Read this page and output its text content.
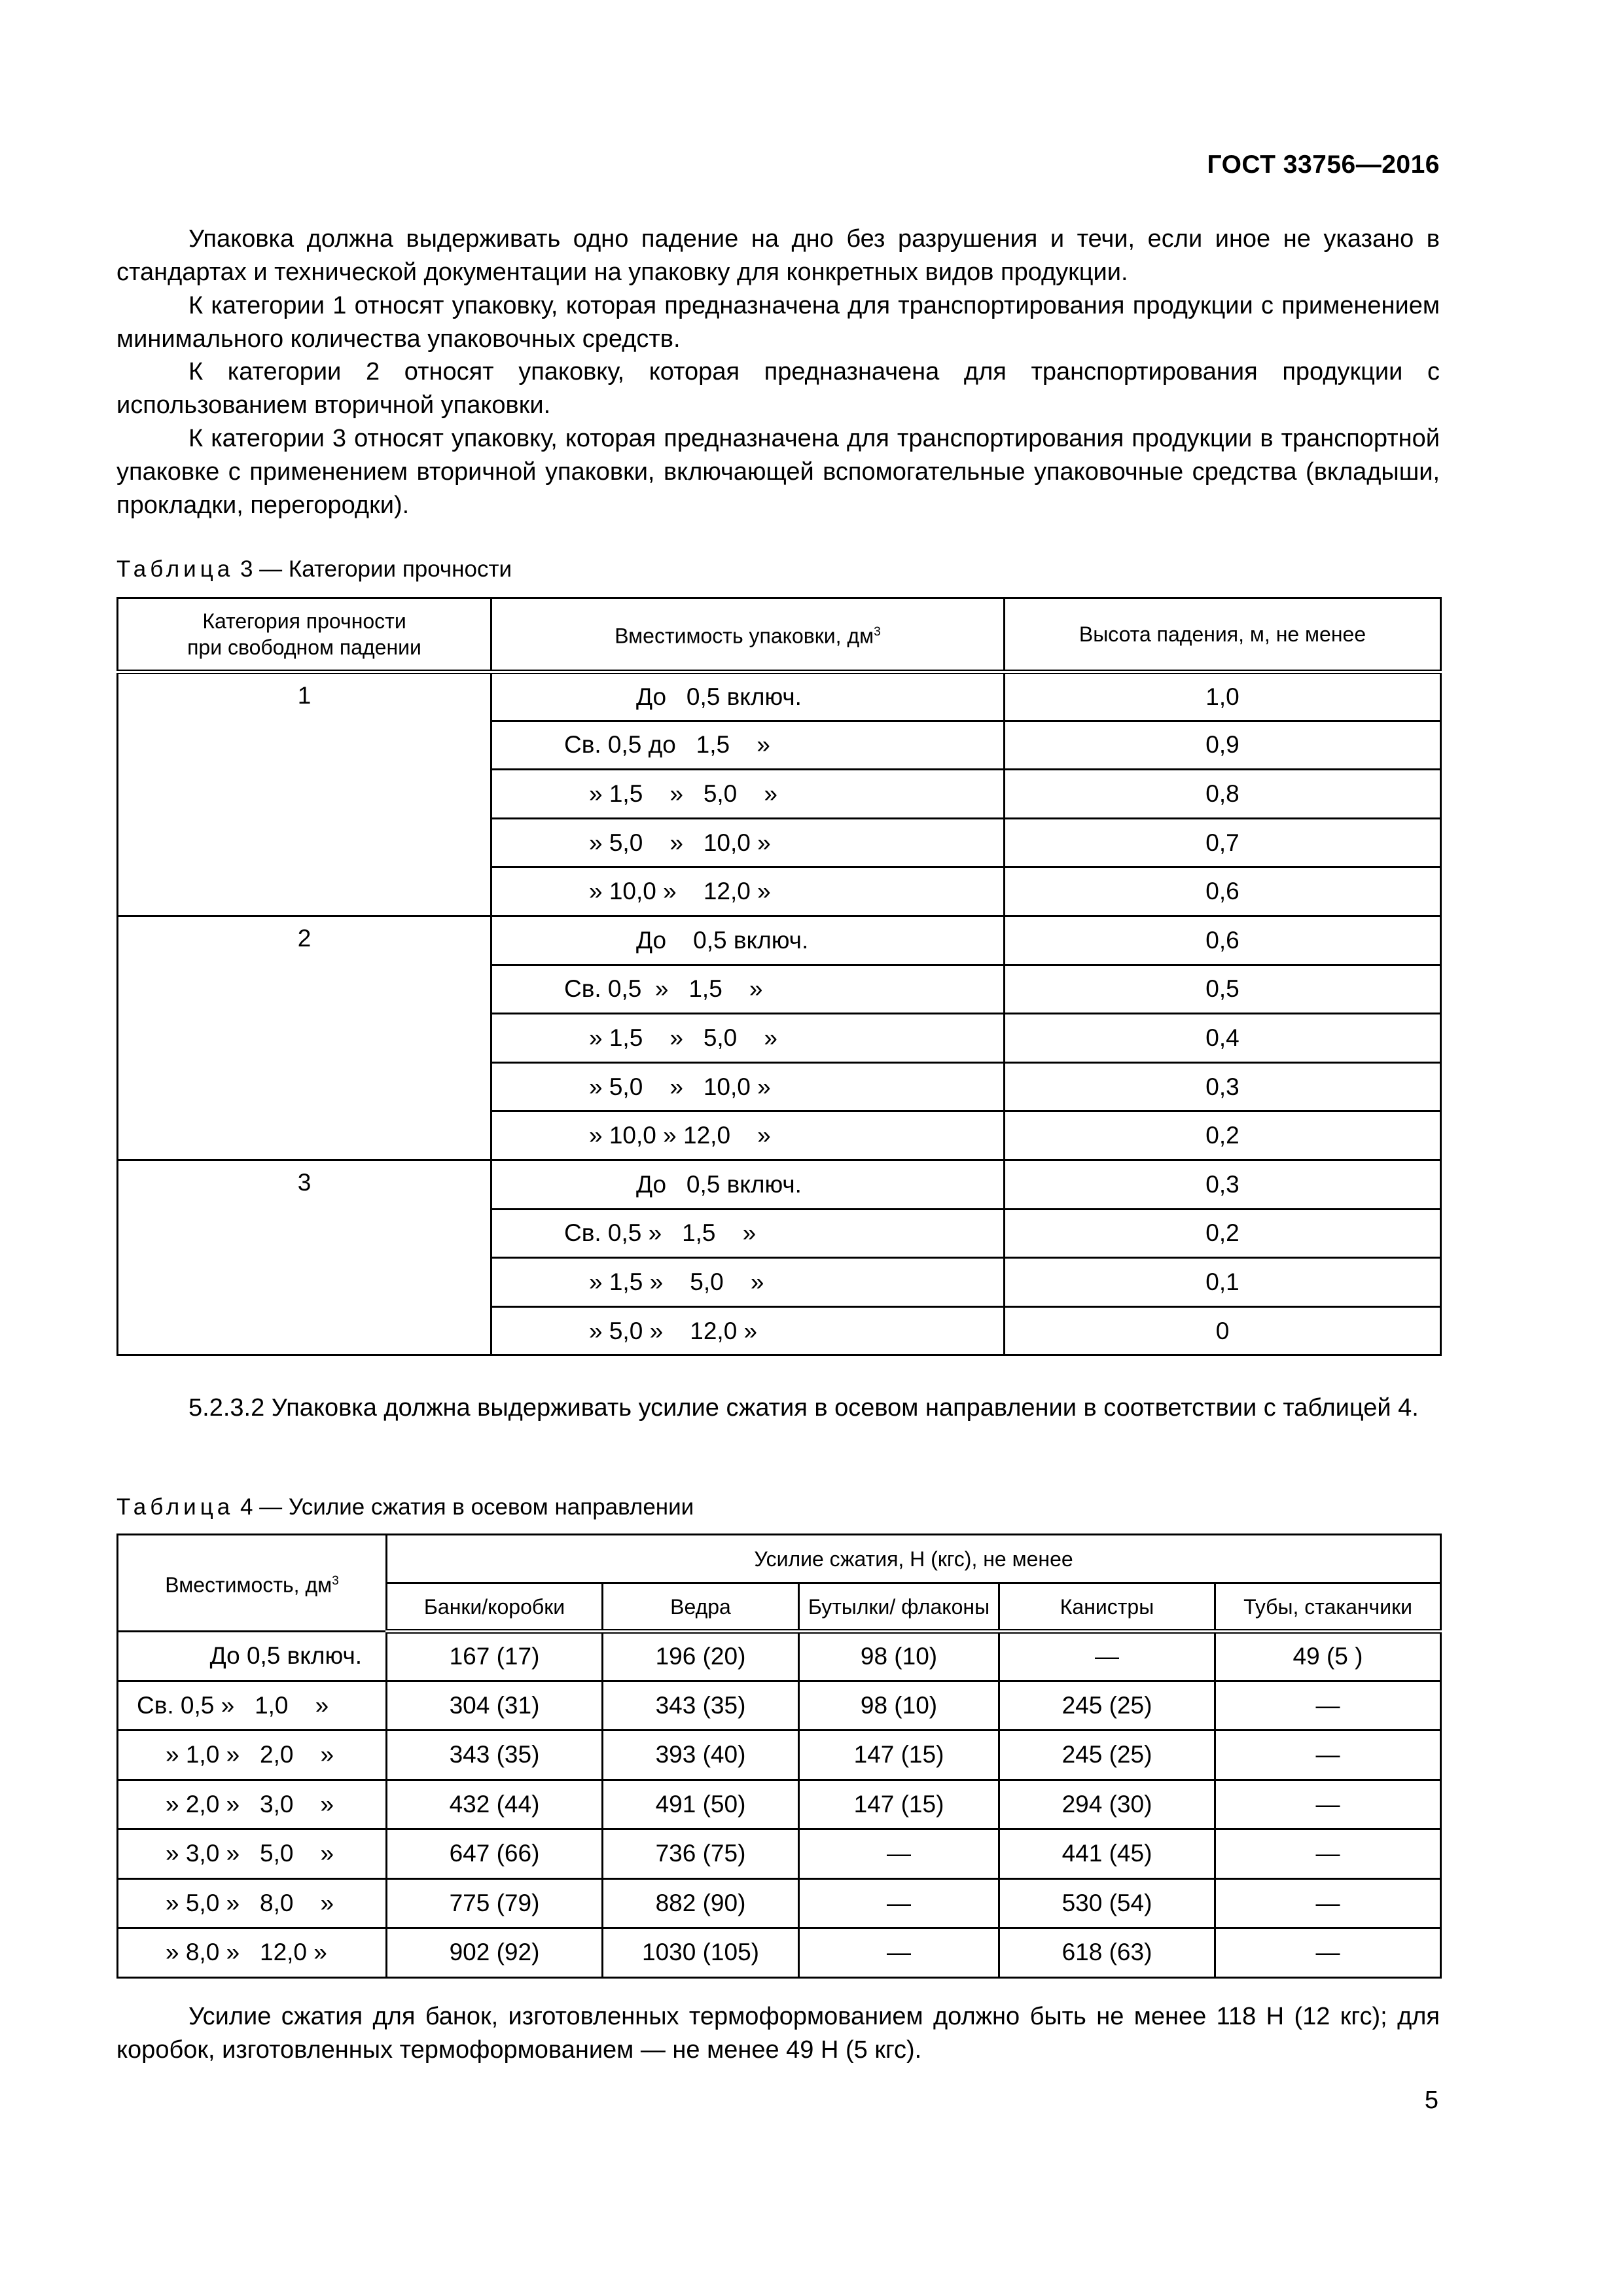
ГОСТ 33756—2016

Упаковка должна выдерживать одно падение на дно без разрушения и течи, если иное не указано в стандартах и технической документации на упаковку для конкретных видов продукции.

К категории 1 относят упаковку, которая предназначена для транспортирования продукции с применением минимального количества упаковочных средств.

К категории 2 относят упаковку, которая предназначена для транспортирования продукции с использованием вторичной упаковки.

К категории 3 относят упаковку, которая предназначена для транспортирования продукции в транспортной упаковке с применением вторичной упаковки, включающей вспомогательные упаковочные средства (вкладыши, прокладки, перегородки).

Таблица 3 — Категории прочности
Категория прочности
при свободном падении	Вместимость упаковки, $дм^3$	Высота падения, м, не менее
1	До   0,5 включ.	1,0
	Св. 0,5 до   1,5    »	0,9
	» 1,5    »   5,0    »	0,8
	» 5,0    »   10,0 »	0,7
	» 10,0 »    12,0 »	0,6
2	До    0,5 включ.	0,6
	Св. 0,5  »   1,5    »	0,5
	» 1,5    »   5,0    »	0,4
	» 5,0    »   10,0 »	0,3
	» 10,0 » 12,0    »	0,2
3	До   0,5 включ.	0,3
	Св. 0,5 »   1,5    »	0,2
	» 1,5 »    5,0    »	0,1
	» 5,0 »    12,0 »	0
Таблица 4 — Усилие сжатия в осевом направлении

5.2.3.2 Упаковка должна выдерживать усилие сжатия в осевом направлении в соответствии с таблицей 4.

Вместимость, $дм^3$	Усилие сжатия, Н (кгс), не менее				
	Банки/коробки	Ведра	Бутылки/ флаконы	Канистры	Тубы, стаканчики
До 0,5 включ.	167 (17)	196 (20)	98 (10)	—	49 (5 )
Св. 0,5 »   1,0    »	304 (31)	343 (35)	98 (10)	245 (25)	—
» 1,0 »   2,0    »	343 (35)	393 (40)	147 (15)	245 (25)	—
» 2,0 »   3,0    »	432 (44)	491 (50)	147 (15)	294 (30)	—
» 3,0 »   5,0    »	647 (66)	736 (75)	—	441 (45)	—
» 5,0 »   8,0    »	775 (79)	882 (90)	—	530 (54)	—
» 8,0 »   12,0 »	902 (92)	1030 (105)	—	618 (63)	—

Усилие сжатия для банок, изготовленных термоформованием должно быть не менее 118 Н (12 кгс); для коробок, изготовленных термоформованием — не менее 49 Н (5 кгс).

5
